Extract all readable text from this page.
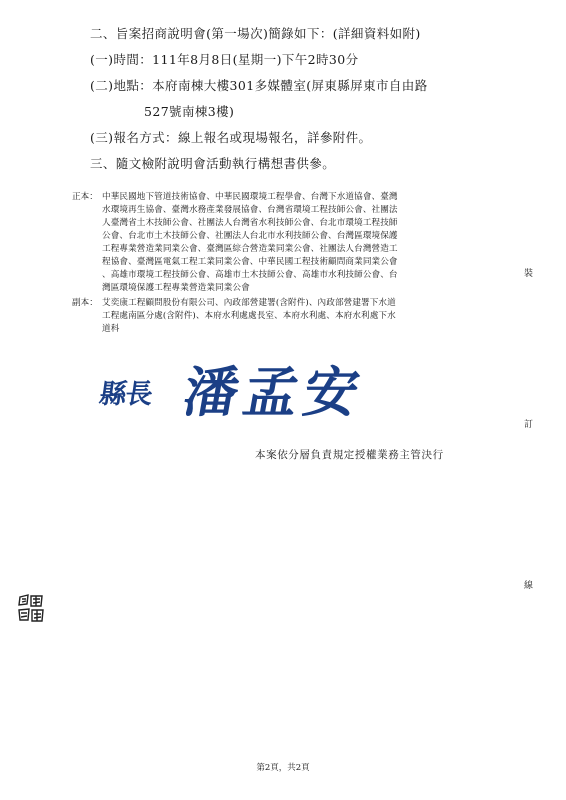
二、旨案招商說明會(第一場次)簡錄如下：(詳細資料如附)
(一)時間：111年8月8日(星期一)下午2時30分
(二)地點：本府南棟大樓301多媒體室(屏東縣屏東市自由路
527號南棟3樓)
(三)報名方式：線上報名或現場報名，詳參附件。
三、隨文檢附說明會活動執行構想書供參。
正本： 中華民國地下管道技術協會、中華民國環境工程學會、台灣下水道協會、臺灣
水環境再生協會、臺灣水務產業發展協會、台灣省環境工程技師公會、社團法
人臺灣省土木技師公會、社團法人台灣省水利技師公會、台北市環境工程技師
公會、台北市土木技師公會、社團法人台北市水利技師公會、台灣區環境保護
工程專業營造業同業公會、臺灣區綜合營造業同業公會、社團法人台灣營造工
程協會、臺灣區電氣工程工業同業公會、中華民國工程技術顧問商業同業公會
、高雄市環境工程技師公會、高雄市土木技師公會、高雄市水利技師公會、台
灣區環境保護工程專業營造業同業公會
副本： 艾奕康工程顧問股份有限公司、內政部營建署(含附件)、內政部營建署下水道
工程處南區分處(含附件)、本府水利處處長室、本府水利處、本府水利處下水
道科
縣長 潘孟安
本案依分層負責規定授權業務主管決行
裝
訂
線
第2頁，共2頁
